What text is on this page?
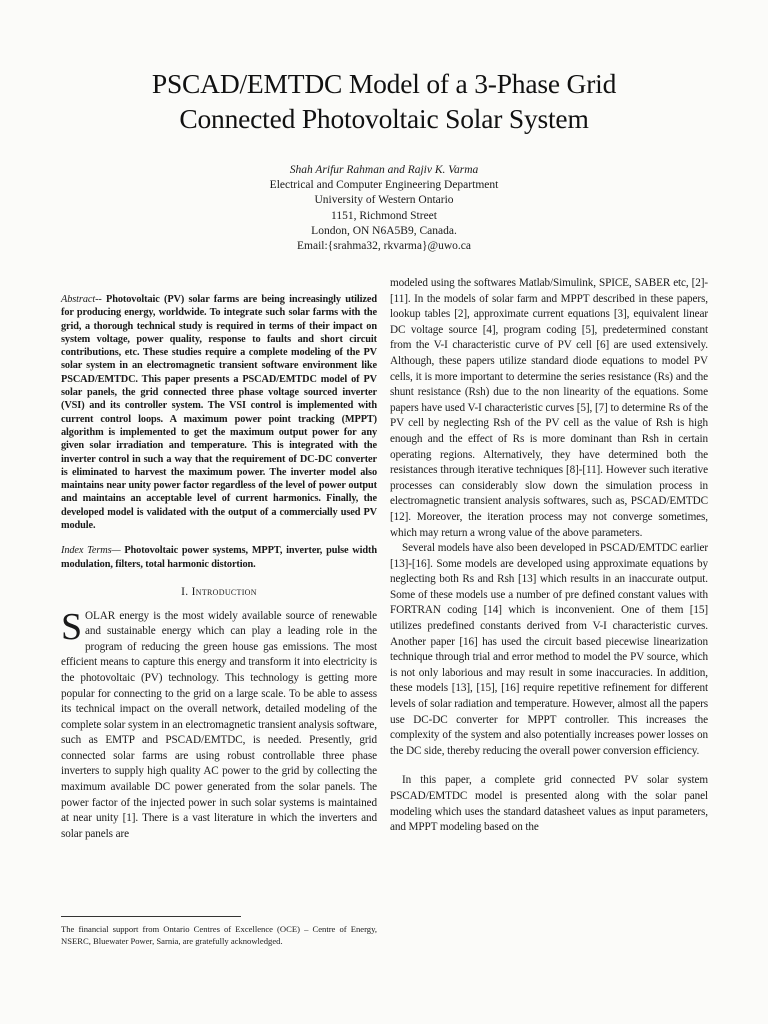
PSCAD/EMTDC Model of a 3-Phase Grid
Connected Photovoltaic Solar System
Shah Arifur Rahman and Rajiv K. Varma
Electrical and Computer Engineering Department
University of Western Ontario
1151, Richmond Street
London, ON N6A5B9, Canada.
Email:{srahma32, rkvarma}@uwo.ca

Abstract-- Photovoltaic (PV) solar farms are being increasingly utilized for producing energy, worldwide. To integrate such solar farms with the grid, a thorough technical study is required in terms of their impact on system voltage, power quality, response to faults and short circuit contributions, etc. These studies require a complete modeling of the PV solar system in an electromagnetic transient software environment like PSCAD/EMTDC. This paper presents a PSCAD/EMTDC model of PV solar panels, the grid connected three phase voltage sourced inverter (VSI) and its controller system. The VSI control is implemented with current control loops. A maximum power point tracking (MPPT) algorithm is implemented to get the maximum output power for any given solar irradiation and temperature. This is integrated with the inverter control in such a way that the requirement of DC-DC converter is eliminated to harvest the maximum power. The inverter model also maintains near unity power factor regardless of the level of power output and maintains an acceptable level of current harmonics. Finally, the developed model is validated with the output of a commercially used PV module.

Index Terms— Photovoltaic power systems, MPPT, inverter, pulse width modulation, filters, total harmonic distortion.

I. Introduction

SOLAR energy is the most widely available source of renewable and sustainable energy which can play a leading role in the program of reducing the green house gas emissions. The most efficient means to capture this energy and transform it into electricity is the photovoltaic (PV) technology. This technology is getting more popular for connecting to the grid on a large scale. To be able to assess its technical impact on the overall network, detailed modeling of the complete solar system in an electromagnetic transient analysis software, such as EMTP and PSCAD/EMTDC, is needed. Presently, grid connected solar farms are using robust controllable three phase inverters to supply high quality AC power to the grid by collecting the maximum available DC power generated from the solar panels. The power factor of the injected power in such solar systems is maintained at near unity [1]. There is a vast literature in which the inverters and solar panels are

The financial support from Ontario Centres of Excellence (OCE) – Centre of Energy, NSERC, Bluewater Power, Sarnia, are gratefully acknowledged.

modeled using the softwares Matlab/Simulink, SPICE, SABER etc, [2]-[11]. In the models of solar farm and MPPT described in these papers, lookup tables [2], approximate current equations [3], equivalent linear DC voltage source [4], program coding [5], predetermined constant from the V-I characteristic curve of PV cell [6] are used extensively. Although, these papers utilize standard diode equations to model PV cells, it is more important to determine the series resistance (Rs) and the shunt resistance (Rsh) due to the non linearity of the equations. Some papers have used V-I characteristic curves [5], [7] to determine Rs of the PV cell by neglecting Rsh of the PV cell as the value of Rsh is high enough and the effect of Rs is more dominant than Rsh in certain operating regions. Alternatively, they have determined both the resistances through iterative techniques [8]-[11]. However such iterative processes can considerably slow down the simulation process in electromagnetic transient analysis softwares, such as, PSCAD/EMTDC [12]. Moreover, the iteration process may not converge sometimes, which may return a wrong value of the above parameters.

Several models have also been developed in PSCAD/EMTDC earlier [13]-[16]. Some models are developed using approximate equations by neglecting both Rs and Rsh [13] which results in an inaccurate output. Some of these models use a number of pre defined constant values with FORTRAN coding [14] which is inconvenient. One of them [15] utilizes predefined constants derived from V-I characteristic curves. Another paper [16] has used the circuit based piecewise linearization technique through trial and error method to model the PV source, which is not only laborious and may result in some inaccuracies. In addition, these models [13], [15], [16] require repetitive refinement for different levels of solar radiation and temperature. However, almost all the papers use DC-DC converter for MPPT controller. This increases the complexity of the system and also potentially increases power losses on the DC side, thereby reducing the overall power conversion efficiency.

In this paper, a complete grid connected PV solar system PSCAD/EMTDC model is presented along with the solar panel modeling which uses the standard datasheet values as input parameters, and MPPT modeling based on the
